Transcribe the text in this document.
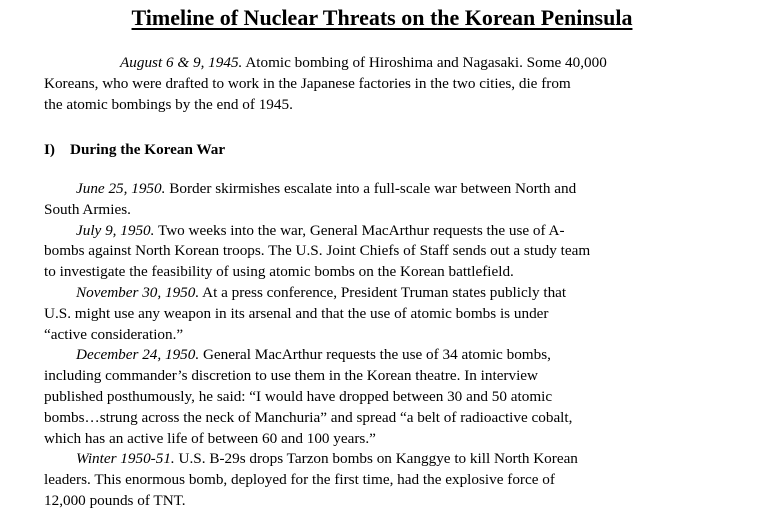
Timeline of Nuclear Threats on the Korean Peninsula
August 6 & 9, 1945. Atomic bombing of Hiroshima and Nagasaki. Some 40,000
Koreans, who were drafted to work in the Japanese factories in the two cities, die from
the atomic bombings by the end of 1945.
I) During the Korean War
June 25, 1950. Border skirmishes escalate into a full-scale war between North and
South Armies.
July 9, 1950. Two weeks into the war, General MacArthur requests the use of A-
bombs against North Korean troops. The U.S. Joint Chiefs of Staff sends out a study team
to investigate the feasibility of using atomic bombs on the Korean battlefield.
November 30, 1950. At a press conference, President Truman states publicly that
U.S. might use any weapon in its arsenal and that the use of atomic bombs is under
“active consideration.”
December 24, 1950. General MacArthur requests the use of 34 atomic bombs,
including commander’s discretion to use them in the Korean theatre. In interview
published posthumously, he said: “I would have dropped between 30 and 50 atomic
bombs…strung across the neck of Manchuria” and spread “a belt of radioactive cobalt,
which has an active life of between 60 and 100 years.”
Winter 1950-51. U.S. B-29s drops Tarzon bombs on Kanggye to kill North Korean
leaders. This enormous bomb, deployed for the first time, had the explosive force of
12,000 pounds of TNT.
